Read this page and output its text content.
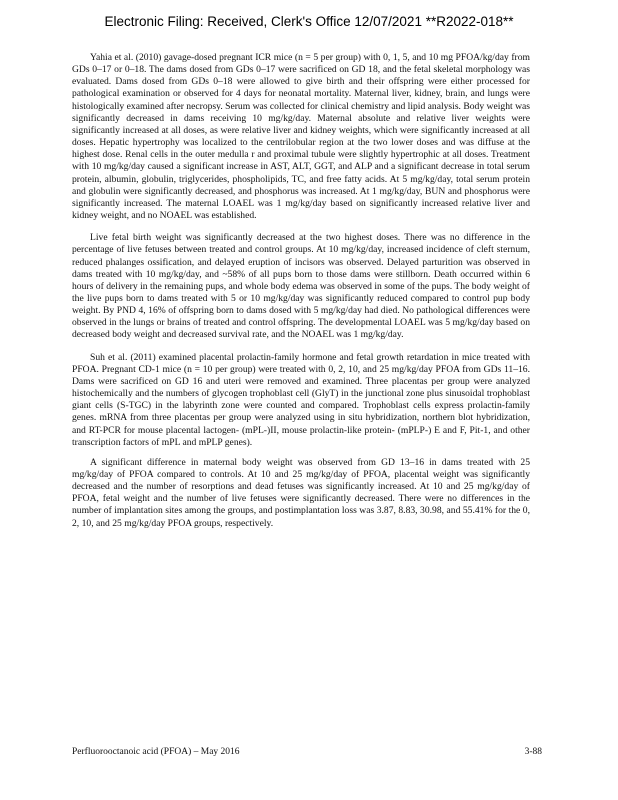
Electronic Filing: Received, Clerk's Office 12/07/2021 **R2022-018**

Yahia et al. (2010) gavage-dosed pregnant ICR mice (n = 5 per group) with 0, 1, 5, and 10 mg PFOA/kg/day from GDs 0–17 or 0–18. The dams dosed from GDs 0–17 were sacrificed on GD 18, and the fetal skeletal morphology was evaluated. Dams dosed from GDs 0–18 were allowed to give birth and their offspring were either processed for pathological examination or observed for 4 days for neonatal mortality. Maternal liver, kidney, brain, and lungs were histologically examined after necropsy. Serum was collected for clinical chemistry and lipid analysis. Body weight was significantly decreased in dams receiving 10 mg/kg/day. Maternal absolute and relative liver weights were significantly increased at all doses, as were relative liver and kidney weights, which were significantly increased at all doses. Hepatic hypertrophy was localized to the centrilobular region at the two lower doses and was diffuse at the highest dose. Renal cells in the outer medulla r and proximal tubule were slightly hypertrophic at all doses. Treatment with 10 mg/kg/day caused a significant increase in AST, ALT, GGT, and ALP and a significant decrease in total serum protein, albumin, globulin, triglycerides, phospholipids, TC, and free fatty acids. At 5 mg/kg/day, total serum protein and globulin were significantly decreased, and phosphorus was increased. At 1 mg/kg/day, BUN and phosphorus were significantly increased. The maternal LOAEL was 1 mg/kg/day based on significantly increased relative liver and kidney weight, and no NOAEL was established.

Live fetal birth weight was significantly decreased at the two highest doses. There was no difference in the percentage of live fetuses between treated and control groups. At 10 mg/kg/day, increased incidence of cleft sternum, reduced phalanges ossification, and delayed eruption of incisors was observed. Delayed parturition was observed in dams treated with 10 mg/kg/day, and ~58% of all pups born to those dams were stillborn. Death occurred within 6 hours of delivery in the remaining pups, and whole body edema was observed in some of the pups. The body weight of the live pups born to dams treated with 5 or 10 mg/kg/day was significantly reduced compared to control pup body weight. By PND 4, 16% of offspring born to dams dosed with 5 mg/kg/day had died. No pathological differences were observed in the lungs or brains of treated and control offspring. The developmental LOAEL was 5 mg/kg/day based on decreased body weight and decreased survival rate, and the NOAEL was 1 mg/kg/day.

Suh et al. (2011) examined placental prolactin-family hormone and fetal growth retardation in mice treated with PFOA. Pregnant CD-1 mice (n = 10 per group) were treated with 0, 2, 10, and 25 mg/kg/day PFOA from GDs 11–16. Dams were sacrificed on GD 16 and uteri were removed and examined. Three placentas per group were analyzed histochemically and the numbers of glycogen trophoblast cell (GlyT) in the junctional zone plus sinusoidal trophoblast giant cells (S-TGC) in the labyrinth zone were counted and compared. Trophoblast cells express prolactin-family genes. mRNA from three placentas per group were analyzed using in situ hybridization, northern blot hybridization, and RT-PCR for mouse placental lactogen- (mPL-)II, mouse prolactin-like protein- (mPLP-) E and F, Pit-1, and other transcription factors of mPL and mPLP genes).

A significant difference in maternal body weight was observed from GD 13–16 in dams treated with 25 mg/kg/day of PFOA compared to controls. At 10 and 25 mg/kg/day of PFOA, placental weight was significantly decreased and the number of resorptions and dead fetuses was significantly increased. At 10 and 25 mg/kg/day of PFOA, fetal weight and the number of live fetuses were significantly decreased. There were no differences in the number of implantation sites among the groups, and postimplantation loss was 3.87, 8.83, 30.98, and 55.41% for the 0, 2, 10, and 25 mg/kg/day PFOA groups, respectively.

Perfluorooctanoic acid (PFOA) – May 2016	3-88
